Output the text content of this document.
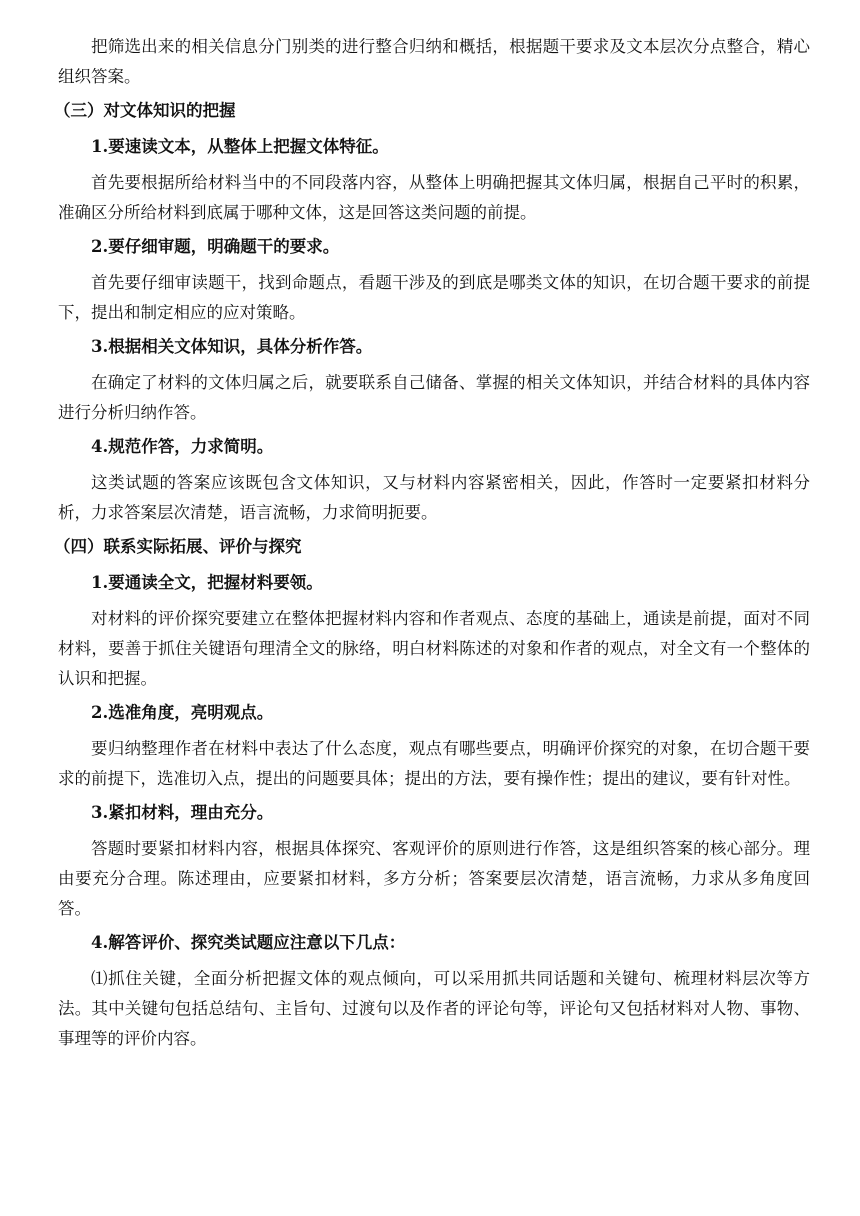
把筛选出来的相关信息分门别类的进行整合归纳和概括，根据题干要求及文本层次分点整合，精心组织答案。

（三）对文体知识的把握

1.要速读文本，从整体上把握文体特征。

首先要根据所给材料当中的不同段落内容，从整体上明确把握其文体归属，根据自己平时的积累，准确区分所给材料到底属于哪种文体，这是回答这类问题的前提。

2.要仔细审题，明确题干的要求。

首先要仔细审读题干，找到命题点，看题干涉及的到底是哪类文体的知识，在切合题干要求的前提下，提出和制定相应的应对策略。

3.根据相关文体知识，具体分析作答。

在确定了材料的文体归属之后，就要联系自己储备、掌握的相关文体知识，并结合材料的具体内容进行分析归纳作答。

4.规范作答，力求简明。

这类试题的答案应该既包含文体知识，又与材料内容紧密相关，因此，作答时一定要紧扣材料分析，力求答案层次清楚，语言流畅，力求简明扼要。

（四）联系实际拓展、评价与探究

1.要通读全文，把握材料要领。

对材料的评价探究要建立在整体把握材料内容和作者观点、态度的基础上，通读是前提，面对不同材料，要善于抓住关键语句理清全文的脉络，明白材料陈述的对象和作者的观点，对全文有一个整体的认识和把握。

2.选准角度，亮明观点。

要归纳整理作者在材料中表达了什么态度，观点有哪些要点，明确评价探究的对象，在切合题干要求的前提下，选准切入点，提出的问题要具体；提出的方法，要有操作性；提出的建议，要有针对性。

3.紧扣材料，理由充分。

答题时要紧扣材料内容，根据具体探究、客观评价的原则进行作答，这是组织答案的核心部分。理由要充分合理。陈述理由，应要紧扣材料，多方分析；答案要层次清楚，语言流畅，力求从多角度回答。

4.解答评价、探究类试题应注意以下几点：

⑴抓住关键，全面分析把握文体的观点倾向，可以采用抓共同话题和关键句、梳理材料层次等方法。其中关键句包括总结句、主旨句、过渡句以及作者的评论句等，评论句又包括材料对人物、事物、事理等的评价内容。
